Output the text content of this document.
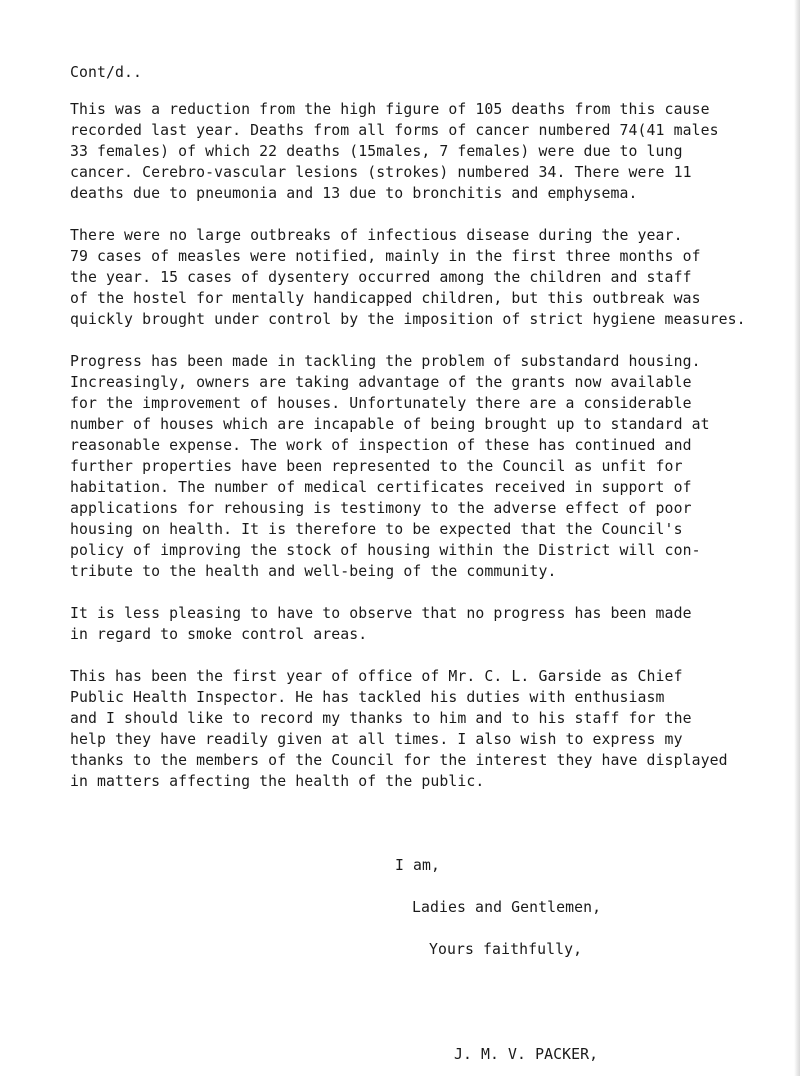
Cont/d..
This was a reduction from the high figure of 105 deaths from this cause
recorded last year. Deaths from all forms of cancer numbered 74(41 males
33 females) of which 22 deaths (15males, 7 females) were due to lung
cancer. Cerebro-vascular lesions (strokes) numbered 34. There were 11
deaths due to pneumonia and 13 due to bronchitis and emphysema.
There were no large outbreaks of infectious disease during the year.
79 cases of measles were notified, mainly in the first three months of
the year. 15 cases of dysentery occurred among the children and staff
of the hostel for mentally handicapped children, but this outbreak was
quickly brought under control by the imposition of strict hygiene measures.
Progress has been made in tackling the problem of substandard housing.
Increasingly, owners are taking advantage of the grants now available
for the improvement of houses. Unfortunately there are a considerable
number of houses which are incapable of being brought up to standard at
reasonable expense. The work of inspection of these has continued and
further properties have been represented to the Council as unfit for
habitation. The number of medical certificates received in support of
applications for rehousing is testimony to the adverse effect of poor
housing on health. It is therefore to be expected that the Council's
policy of improving the stock of housing within the District will con-
tribute to the health and well-being of the community.
It is less pleasing to have to observe that no progress has been made
in regard to smoke control areas.
This has been the first year of office of Mr. C. L. Garside as Chief
Public Health Inspector. He has tackled his duties with enthusiasm
and I should like to record my thanks to him and to his staff for the
help they have readily given at all times. I also wish to express my
thanks to the members of the Council for the interest they have displayed
in matters affecting the health of the public.
I am,
Ladies and Gentlemen,
Yours faithfully,
J. M. V. PACKER,
